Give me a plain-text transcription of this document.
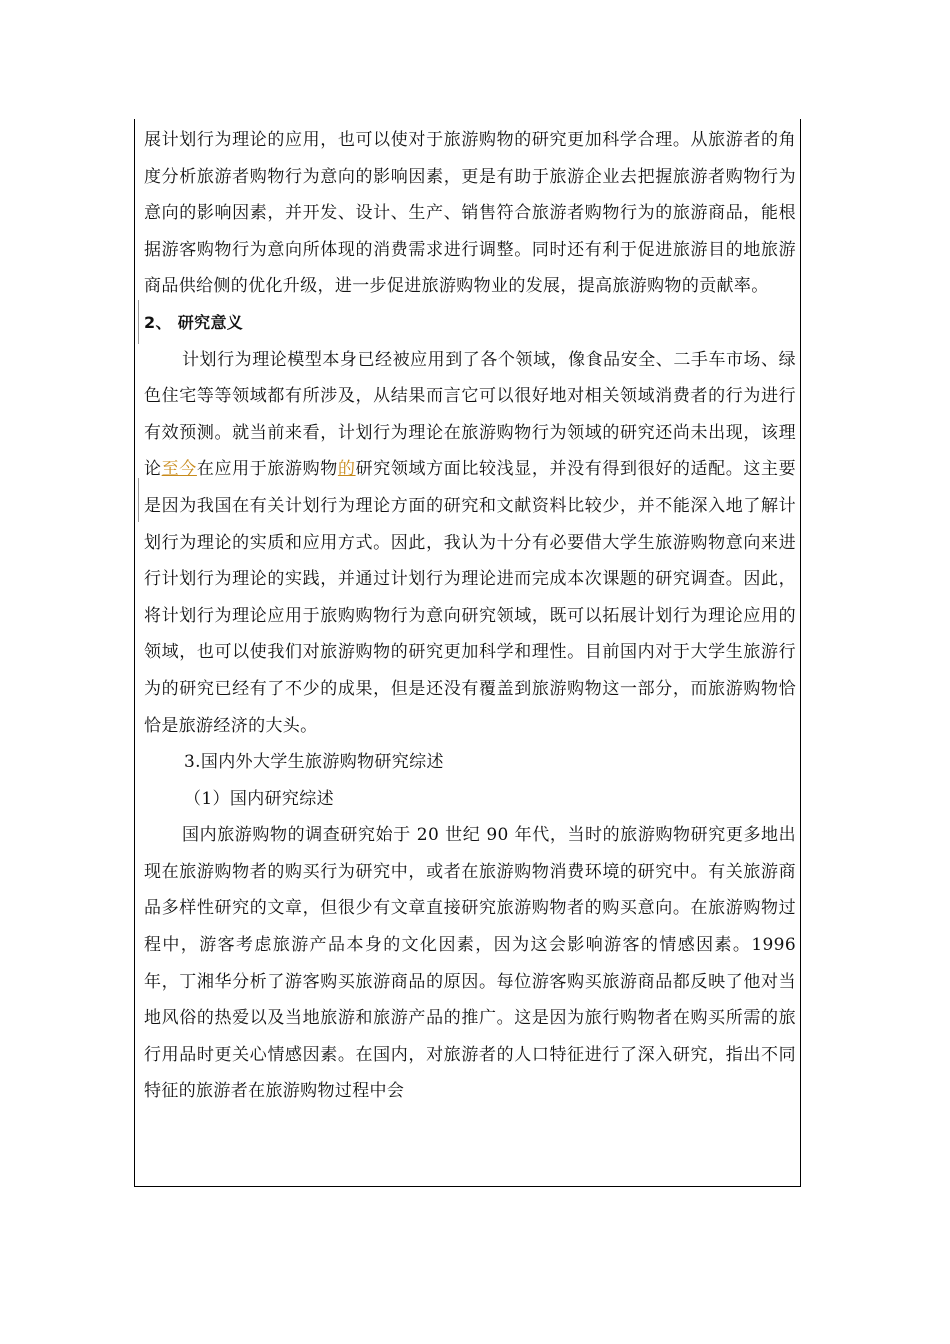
展计划行为理论的应用，也可以使对于旅游购物的研究更加科学合理。从旅游者的角度分析旅游者购物行为意向的影响因素，更是有助于旅游企业去把握旅游者购物行为意向的影响因素，并开发、设计、生产、销售符合旅游者购物行为的旅游商品，能根据游客购物行为意向所体现的消费需求进行调整。同时还有利于促进旅游目的地旅游商品供给侧的优化升级，进一步促进旅游购物业的发展，提高旅游购物的贡献率。

2、 研究意义

计划行为理论模型本身已经被应用到了各个领域，像食品安全、二手车市场、绿色住宅等等领域都有所涉及，从结果而言它可以很好地对相关领域消费者的行为进行有效预测。就当前来看，计划行为理论在旅游购物行为领域的研究还尚未出现，该理论至今在应用于旅游购物的研究领域方面比较浅显，并没有得到很好的适配。这主要是因为我国在有关计划行为理论方面的研究和文献资料比较少，并不能深入地了解计划行为理论的实质和应用方式。因此，我认为十分有必要借大学生旅游购物意向来进行计划行为理论的实践，并通过计划行为理论进而完成本次课题的研究调查。因此，将计划行为理论应用于旅购购物行为意向研究领域，既可以拓展计划行为理论应用的领域，也可以使我们对旅游购物的研究更加科学和理性。目前国内对于大学生旅游行为的研究已经有了不少的成果，但是还没有覆盖到旅游购物这一部分，而旅游购物恰恰是旅游经济的大头。

3.国内外大学生旅游购物研究综述

（1）国内研究综述

国内旅游购物的调查研究始于 20 世纪 90 年代，当时的旅游购物研究更多地出现在旅游购物者的购买行为研究中，或者在旅游购物消费环境的研究中。有关旅游商品多样性研究的文章，但很少有文章直接研究旅游购物者的购买意向。在旅游购物过程中，游客考虑旅游产品本身的文化因素，因为这会影响游客的情感因素。1996 年，丁湘华分析了游客购买旅游商品的原因。每位游客购买旅游商品都反映了他对当地风俗的热爱以及当地旅游和旅游产品的推广。这是因为旅行购物者在购买所需的旅行用品时更关心情感因素。在国内，对旅游者的人口特征进行了深入研究，指出不同特征的旅游者在旅游购物过程中会
